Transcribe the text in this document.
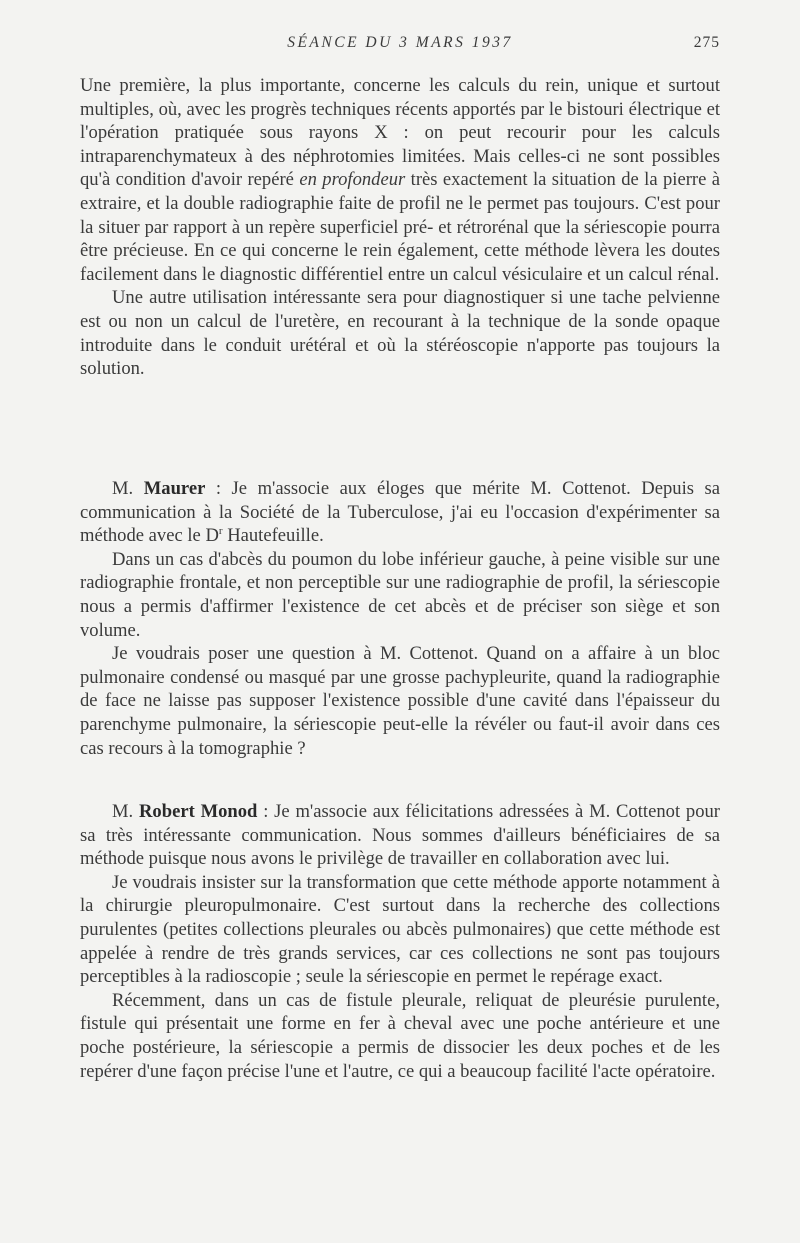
SÉANCE DU 3 MARS 1937	275

Une première, la plus importante, concerne les calculs du rein, unique et surtout multiples, où, avec les progrès techniques récents apportés par le bistouri électrique et l'opération pratiquée sous rayons X : on peut recourir pour les calculs intraparenchymateux à des néphrotomies limitées. Mais celles-ci ne sont possibles qu'à condition d'avoir repéré en profondeur très exactement la situation de la pierre à extraire, et la double radiographie faite de profil ne le permet pas toujours. C'est pour la situer par rapport à un repère superficiel pré- et rétrorénal que la sériescopie pourra être précieuse. En ce qui concerne le rein également, cette méthode lèvera les doutes facilement dans le diagnostic différentiel entre un calcul vésiculaire et un calcul rénal.

Une autre utilisation intéressante sera pour diagnostiquer si une tache pelvienne est ou non un calcul de l'uretère, en recourant à la technique de la sonde opaque introduite dans le conduit urétéral et où la stéréoscopie n'apporte pas toujours la solution.

M. Maurer : Je m'associe aux éloges que mérite M. Cottenot. Depuis sa communication à la Société de la Tuberculose, j'ai eu l'occasion d'expérimenter sa méthode avec le $D^r$ Hautefeuille.

Dans un cas d'abcès du poumon du lobe inférieur gauche, à peine visible sur une radiographie frontale, et non perceptible sur une radiographie de profil, la sériescopie nous a permis d'affirmer l'existence de cet abcès et de préciser son siège et son volume.

Je voudrais poser une question à M. Cottenot. Quand on a affaire à un bloc pulmonaire condensé ou masqué par une grosse pachypleurite, quand la radiographie de face ne laisse pas supposer l'existence possible d'une cavité dans l'épaisseur du parenchyme pulmonaire, la sériescopie peut-elle la révéler ou faut-il avoir dans ces cas recours à la tomographie ?

M. Robert Monod : Je m'associe aux félicitations adressées à M. Cottenot pour sa très intéressante communication. Nous sommes d'ailleurs bénéficiaires de sa méthode puisque nous avons le privilège de travailler en collaboration avec lui.

Je voudrais insister sur la transformation que cette méthode apporte notamment à la chirurgie pleuropulmonaire. C'est surtout dans la recherche des collections purulentes (petites collections pleurales ou abcès pulmonaires) que cette méthode est appelée à rendre de très grands services, car ces collections ne sont pas toujours perceptibles à la radioscopie ; seule la sériescopie en permet le repérage exact.

Récemment, dans un cas de fistule pleurale, reliquat de pleurésie purulente, fistule qui présentait une forme en fer à cheval avec une poche antérieure et une poche postérieure, la sériescopie a permis de dissocier les deux poches et de les repérer d'une façon précise l'une et l'autre, ce qui a beaucoup facilité l'acte opératoire.
